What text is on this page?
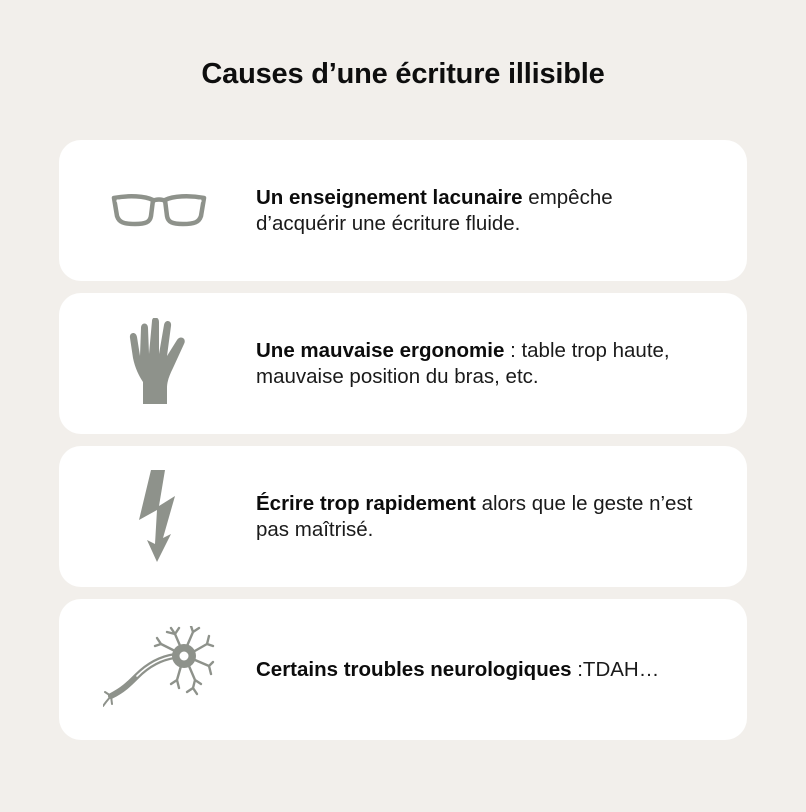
Causes d’une écriture illisible
Un enseignement lacunaire empêche d’acquérir une écriture fluide.
Une mauvaise ergonomie : table trop haute, mauvaise position du bras, etc.
Écrire trop rapidement alors que le geste n’est pas maîtrisé.
Certains troubles neurologiques :TDAH…
